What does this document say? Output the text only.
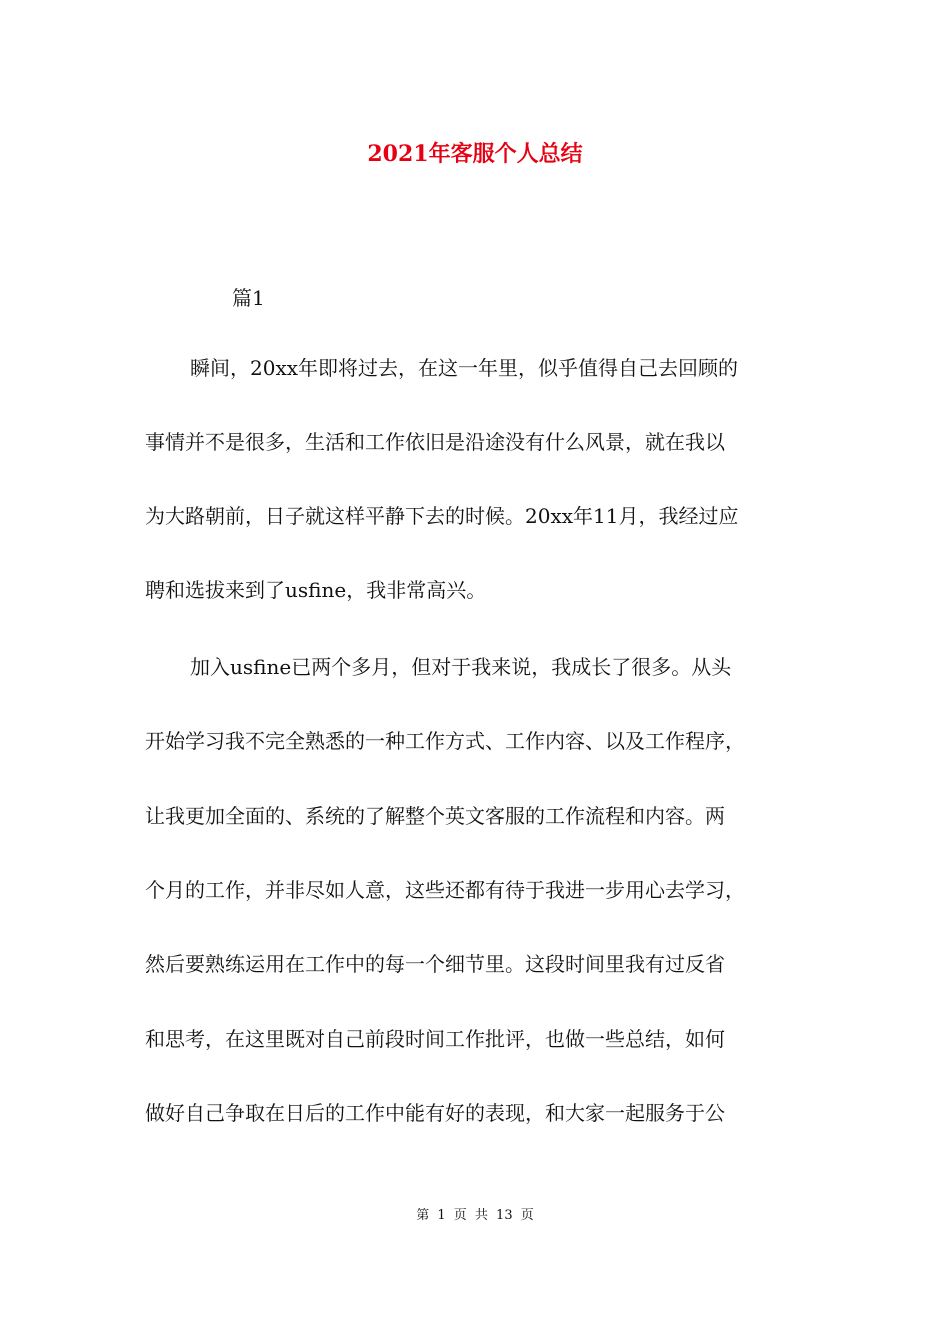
2021年客服个人总结
篇1
瞬间，20xx年即将过去，在这一年里，似乎值得自己去回顾的
事情并不是很多，生活和工作依旧是沿途没有什么风景，就在我以
为大路朝前，日子就这样平静下去的时候。20xx年11月，我经过应
聘和选拔来到了usfine，我非常高兴。
加入usfine已两个多月，但对于我来说，我成长了很多。从头
开始学习我不完全熟悉的一种工作方式、工作内容、以及工作程序，
让我更加全面的、系统的了解整个英文客服的工作流程和内容。两
个月的工作，并非尽如人意，这些还都有待于我进一步用心去学习，
然后要熟练运用在工作中的每一个细节里。这段时间里我有过反省
和思考，在这里既对自己前段时间工作批评，也做一些总结，如何
做好自己争取在日后的工作中能有好的表现，和大家一起服务于公
第 1 页 共 13 页
